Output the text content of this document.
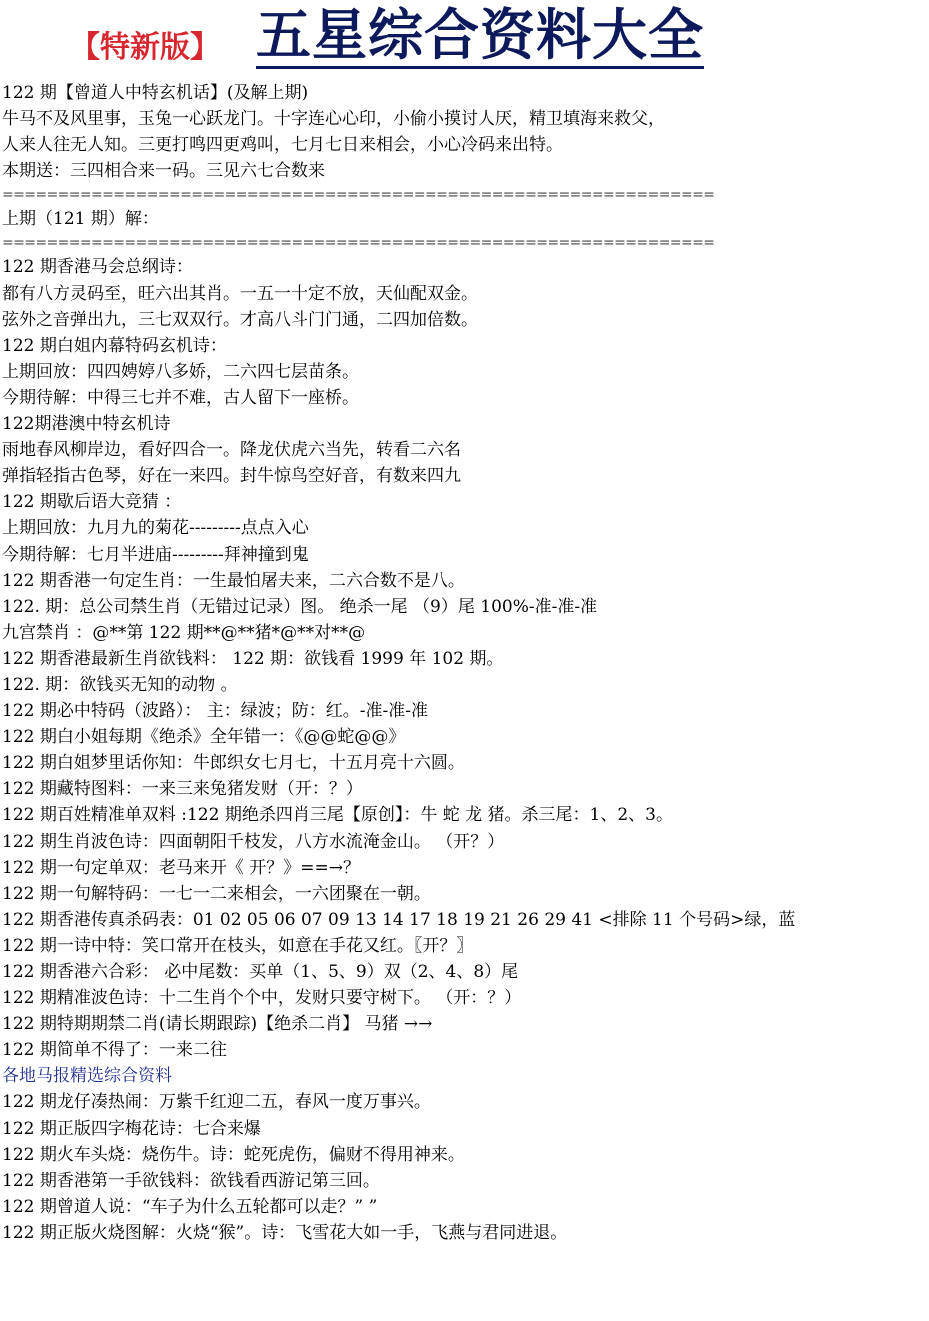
【特新版】 五星综合资料大全
122 期【曾道人中特玄机话】(及解上期)
牛马不及风里事，玉兔一心跃龙门。十字连心心印，小偷小摸讨人厌，精卫填海来救父，
人来人往无人知。三更打鸣四更鸡叫，七月七日来相会，小心冷码来出特。
本期送：三四相合来一码。三见六七合数来
================================================================
上期（121 期）解：
================================================================
122 期香港马会总纲诗：
都有八方灵码至，旺六出其肖。一五一十定不放，天仙配双金。
弦外之音弹出九，三七双双行。才高八斗门门通，二四加倍数。
122 期白姐内幕特码玄机诗：
上期回放：四四娉婷八多娇，二六四七层苗条。
今期待解：中得三七并不难，古人留下一座桥。
122期港澳中特玄机诗
雨地春风柳岸边，看好四合一。降龙伏虎六当先，转看二六名
弹指轻指古色琴，好在一来四。封牛惊鸟空好音，有数来四九
122 期歇后语大竞猜 ：
上期回放：九月九的菊花---------点点入心
今期待解：七月半进庙---------拜神撞到鬼
122 期香港一句定生肖：一生最怕屠夫来，二六合数不是八。
122. 期：总公司禁生肖（无错过记录）图。 绝杀一尾 （9）尾 100%-准-准-准
九宫禁肖 ：@**第 122 期**@**猪*@**对**@
122 期香港最新生肖欲钱料： 122 期：欲钱看 1999 年 102 期。
122. 期：欲钱买无知的动物 。
122 期必中特码（波路）： 主：绿波；防：红。-准-准-准
122 期白小姐每期《绝杀》全年错一：《@@蛇@@》
122 期白姐梦里话你知：牛郎织女七月七，十五月亮十六圆。
122 期藏特图料：一来三来兔猪发财（开：？）
122 期百姓精准单双料 :122 期绝杀四肖三尾【原创】：牛 蛇 龙 猪。杀三尾：1、2、3。
122 期生肖波色诗：四面朝阳千枝发，八方水流淹金山。 （开？）
122 期一句定单双：老马来开《 开？》==→？
122 期一句解特码：一七一二来相会，一六团聚在一朝。
122 期香港传真杀码表：01 02 05 06 07 09 13 14 17 18 19 21 26 29 41 <排除 11 个号码>绿，蓝
122 期一诗中特：笑口常开在枝头，如意在手花又红。〖开？〗
122 期香港六合彩： 必中尾数：买单（1、5、9）双（2、4、8）尾
122 期精准波色诗：十二生肖个个中，发财只要守树下。 （开：？）
122 期特期期禁二肖(请长期跟踪)【绝杀二肖】 马猪 →→
122 期简单不得了：一来二往
各地马报精选综合资料
122 期龙仔凑热闹：万紫千红迎二五，春风一度万事兴。
122 期正版四字梅花诗：七合来爆
122 期火车头烧：烧伤牛。诗：蛇死虎伤，偏财不得用神来。
122 期香港第一手欲钱料：欲钱看西游记第三回。
122 期曾道人说：“车子为什么五轮都可以走？” ”
122 期正版火烧图解：火烧“猴”。诗：飞雪花大如一手，飞燕与君同进退。
